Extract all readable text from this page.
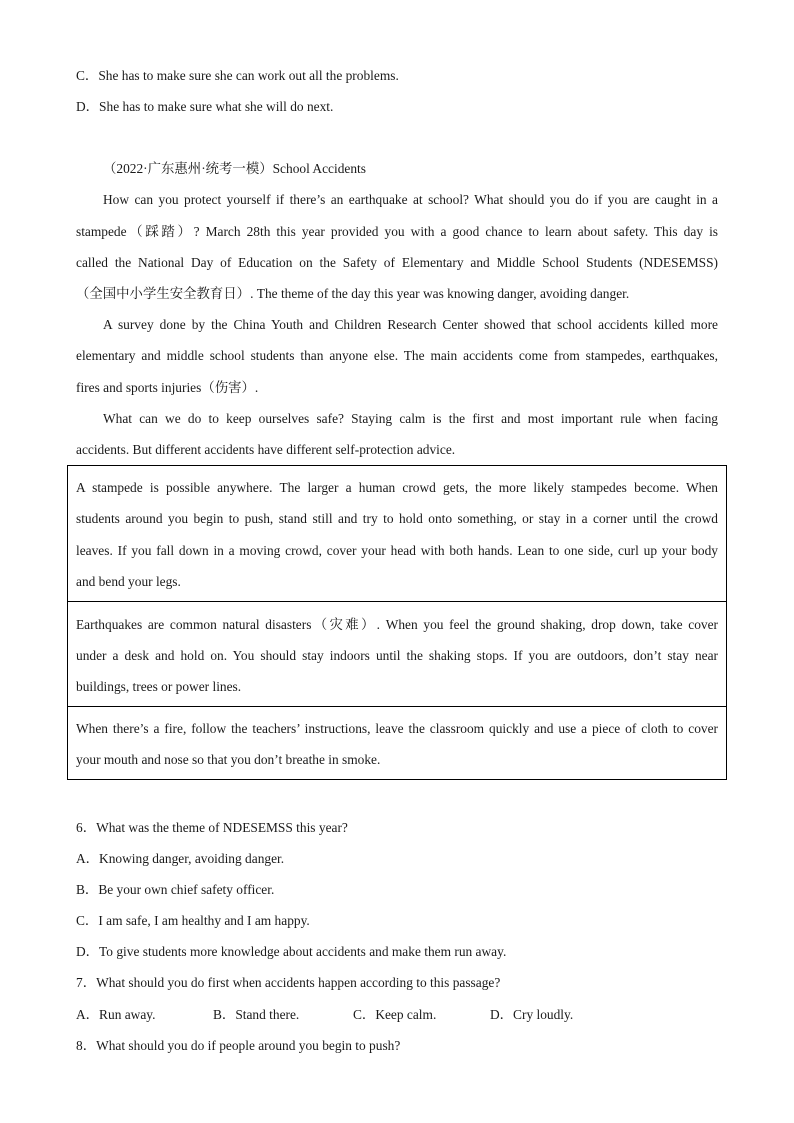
C．She has to make sure she can work out all the problems.
D．She has to make sure what she will do next.
（2022·广东惠州·统考一模）School Accidents
How can you protect yourself if there’s an earthquake at school? What should you do if you are caught in a
stampede（踩踏）? March 28th this year provided you with a good chance to learn about safety. This day is
called the National Day of Education on the Safety of Elementary and Middle School Students (NDESEMSS)
（全国中小学生安全教育日）. The theme of the day this year was knowing danger, avoiding danger.
A survey done by the China Youth and Children Research Center showed that school accidents killed more
elementary and middle school students than anyone else. The main accidents come from stampedes, earthquakes,
fires and sports injuries（伤害）.
What can we do to keep ourselves safe? Staying calm is the first and most important rule when facing
accidents. But different accidents have different self-protection advice.
A stampede is possible anywhere. The larger a human crowd gets, the more likely stampedes become. When
students around you begin to push, stand still and try to hold onto something, or stay in a corner until the crowd
leaves. If you fall down in a moving crowd, cover your head with both hands. Lean to one side, curl up your body
and bend your legs.
Earthquakes are common natural disasters（灾难）. When you feel the ground shaking, drop down, take cover
under a desk and hold on. You should stay indoors until the shaking stops. If you are outdoors, don’t stay near
buildings, trees or power lines.
When there’s a fire, follow the teachers’ instructions, leave the classroom quickly and use a piece of cloth to cover
your mouth and nose so that you don’t breathe in smoke.
6．What was the theme of NDESEMSS this year?
A．Knowing danger, avoiding danger.
B．Be your own chief safety officer.
C．I am safe, I am healthy and I am happy.
D．To give students more knowledge about accidents and make them run away.
7．What should you do first when accidents happen according to this passage?
A．Run away.	B．Stand there.	C．Keep calm.	D．Cry loudly.
8．What should you do if people around you begin to push?
